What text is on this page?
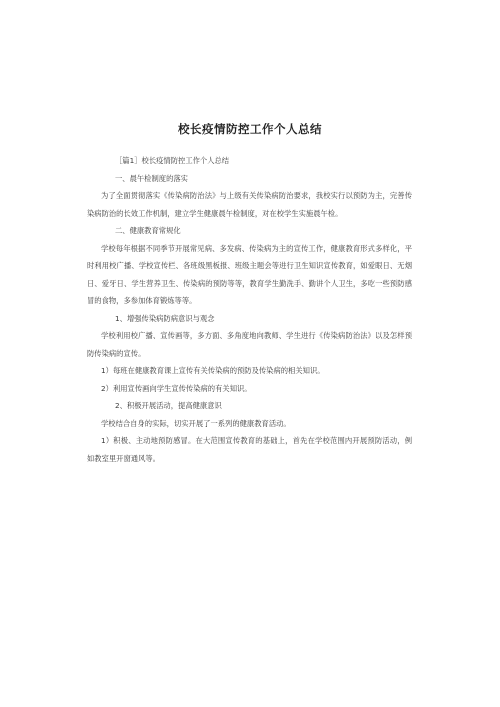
校长疫情防控工作个人总结

［篇1］校长疫情防控工作个人总结

一、晨午检制度的落实

为了全面贯彻落实《传染病防治法》与上级有关传染病防治要求，我校实行以预防为主，完善传染病防治的长效工作机制，建立学生健康晨午检制度，对在校学生实施晨午检。

二、健康教育常规化

学校每年根据不同季节开展常见病、多发病、传染病为主的宣传工作，健康教育形式多样化，平时利用校广播、学校宣传栏、各班级黑板报、班级主题会等进行卫生知识宣传教育，如爱眼日、无烟日、爱牙日、学生营养卫生、传染病的预防等等，教育学生勤洗手、勤讲个人卫生，多吃一些预防感冒的食物，多参加体育锻炼等等。

1、增强传染病防病意识与观念

学校利用校广播、宣传画等，多方面、多角度地向教师、学生进行《传染病防治法》以及怎样预防传染病的宣传。

1）每班在健康教育课上宣传有关传染病的预防及传染病的相关知识。

2）利用宣传画向学生宣传传染病的有关知识。

2、积极开展活动，提高健康意识

学校结合自身的实际，切实开展了一系列的健康教育活动。

1）积极、主动地预防感冒。在大范围宣传教育的基础上，首先在学校范围内开展预防活动，例如教室里开窗通风等。
